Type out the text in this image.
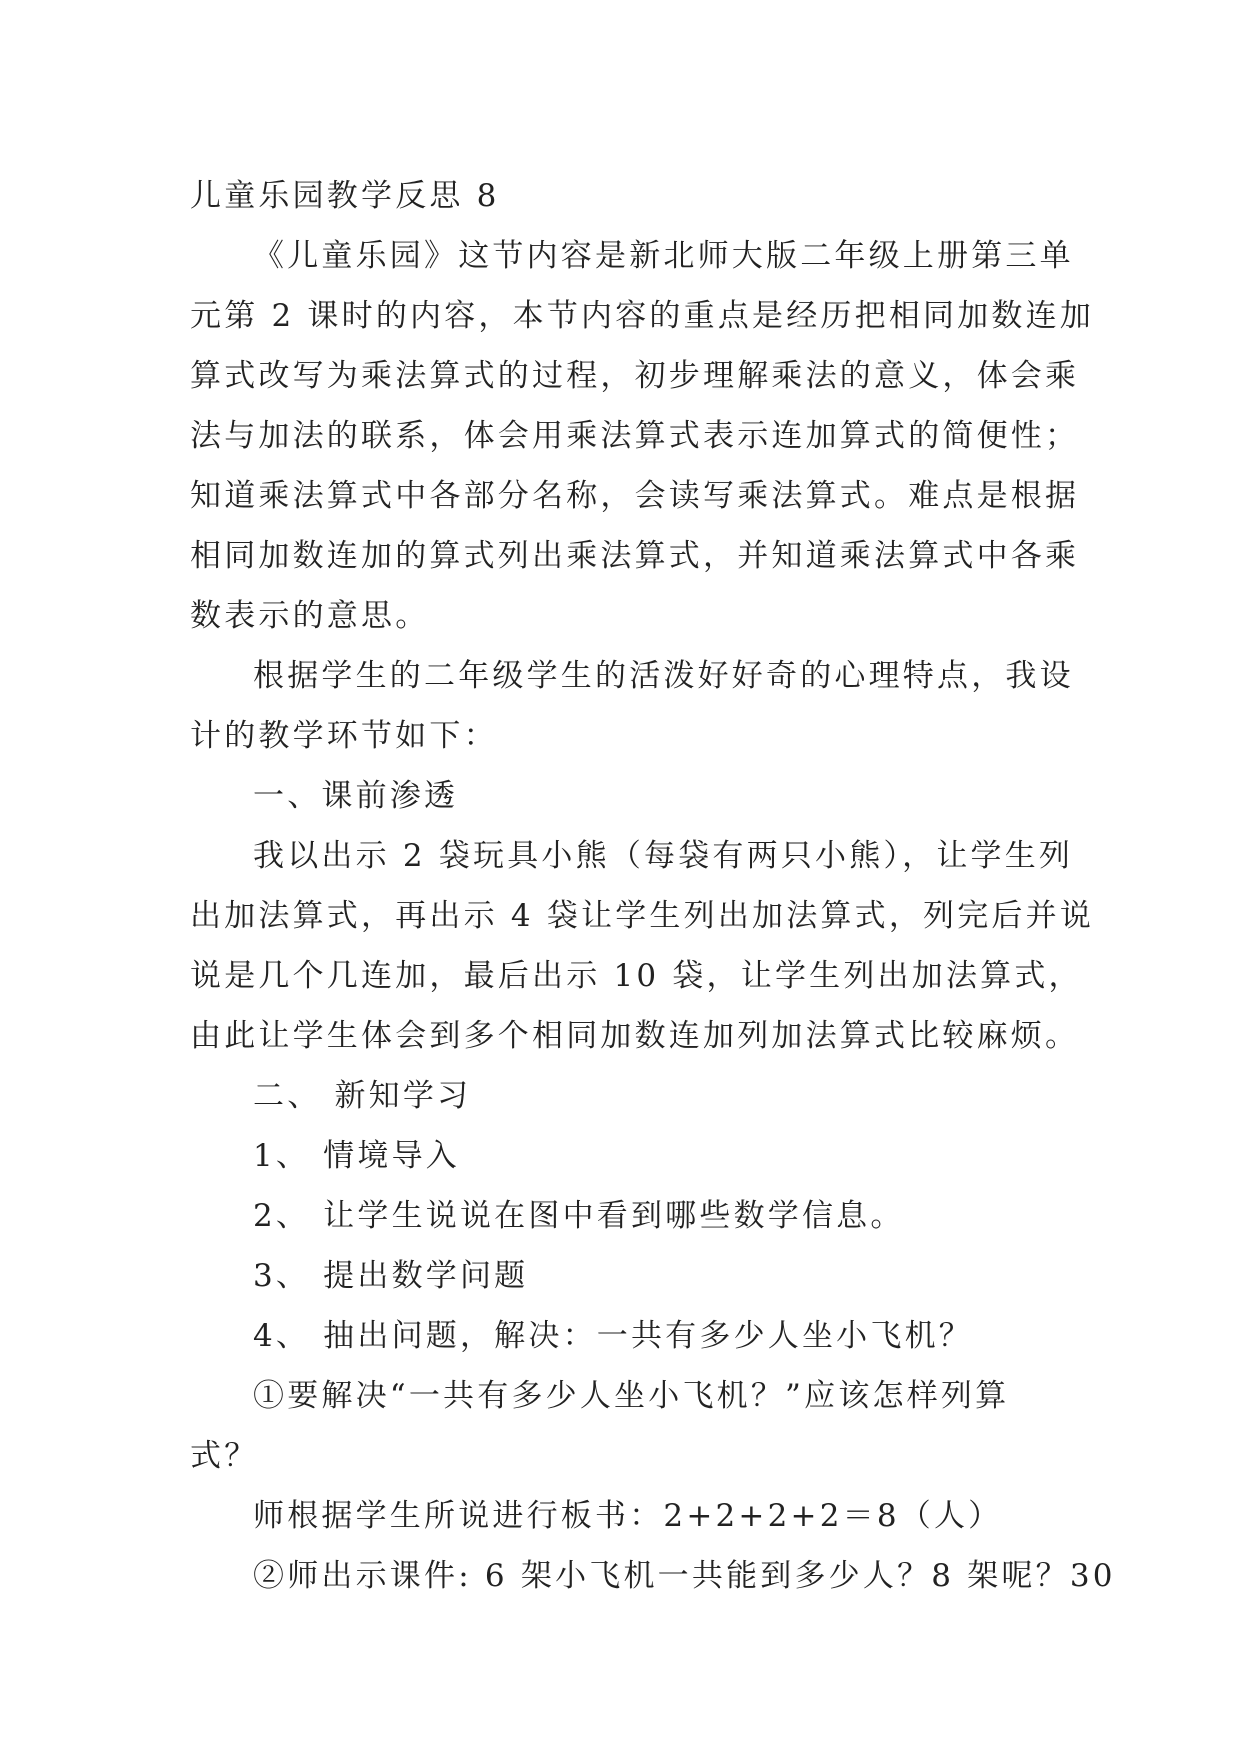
儿童乐园教学反思 8
《儿童乐园》这节内容是新北师大版二年级上册第三单
元第 2 课时的内容，本节内容的重点是经历把相同加数连加
算式改写为乘法算式的过程，初步理解乘法的意义，体会乘
法与加法的联系，体会用乘法算式表示连加算式的简便性；
知道乘法算式中各部分名称，会读写乘法算式。难点是根据
相同加数连加的算式列出乘法算式，并知道乘法算式中各乘
数表示的意思。
根据学生的二年级学生的活泼好好奇的心理特点，我设
计的教学环节如下：
一、课前渗透
我以出示 2 袋玩具小熊（每袋有两只小熊），让学生列
出加法算式，再出示 4 袋让学生列出加法算式，列完后并说
说是几个几连加，最后出示 10 袋，让学生列出加法算式，
由此让学生体会到多个相同加数连加列加法算式比较麻烦。
二、 新知学习
1、 情境导入
2、 让学生说说在图中看到哪些数学信息。
3、 提出数学问题
4、 抽出问题，解决：一共有多少人坐小飞机？
①要解决“一共有多少人坐小飞机？”应该怎样列算
式？
师根据学生所说进行板书：2+2+2+2＝8（人）
②师出示课件: 6 架小飞机一共能到多少人？8 架呢？30
